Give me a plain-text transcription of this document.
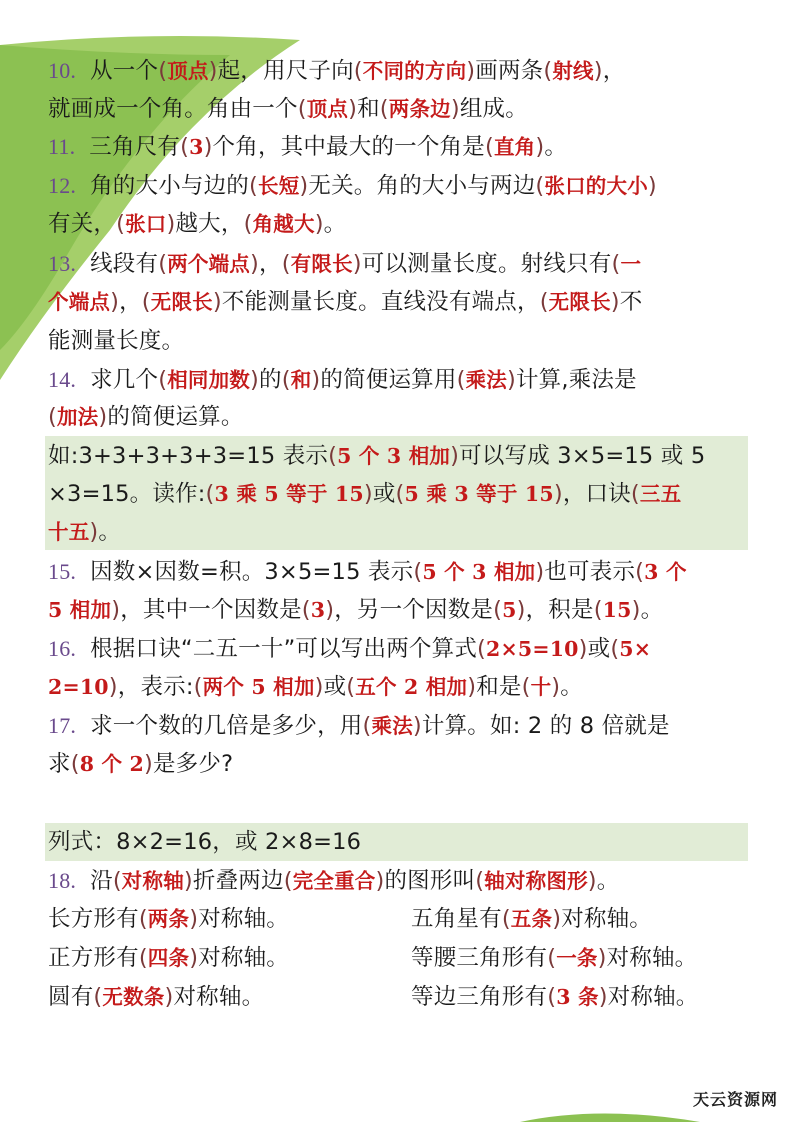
10. 从一个(顶点)起，用尺子向(不同的方向)画两条(射线)，
就画成一个角。角由一个(顶点)和(两条边)组成。
11. 三角尺有(3)个角，其中最大的一个角是(直角)。
12. 角的大小与边的(长短)无关。角的大小与两边(张口的大小)
有关，(张口)越大，(角越大)。
13. 线段有(两个端点)，(有限长)可以测量长度。射线只有(一
个端点)，(无限长)不能测量长度。直线没有端点，(无限长)不
能测量长度。
14. 求几个(相同加数)的(和)的简便运算用(乘法)计算,乘法是
(加法)的简便运算。
如:3+3+3+3+3=15 表示(5 个 3 相加)可以写成 3×5=15 或 5
×3=15。读作:(3 乘 5 等于 15)或(5 乘 3 等于 15)，口诀(三五
十五)。
15. 因数×因数=积。3×5=15 表示(5 个 3 相加)也可表示(3 个
5 相加)，其中一个因数是(3)，另一个因数是(5)，积是(15)。
16. 根据口诀“二五一十”可以写出两个算式(2×5=10)或(5×
2=10)，表示:(两个 5 相加)或(五个 2 相加)和是(十)。
17. 求一个数的几倍是多少，用(乘法)计算。如: 2 的 8 倍就是
求(8 个 2)是多少?
列式：8×2=16，或 2×8=16
18. 沿(对称轴)折叠两边(完全重合)的图形叫(轴对称图形)。
长方形有(两条)对称轴。	五角星有(五条)对称轴。
正方形有(四条)对称轴。	等腰三角形有(一条)对称轴。
圆有(无数条)对称轴。	等边三角形有(3 条)对称轴。
天云资源网
